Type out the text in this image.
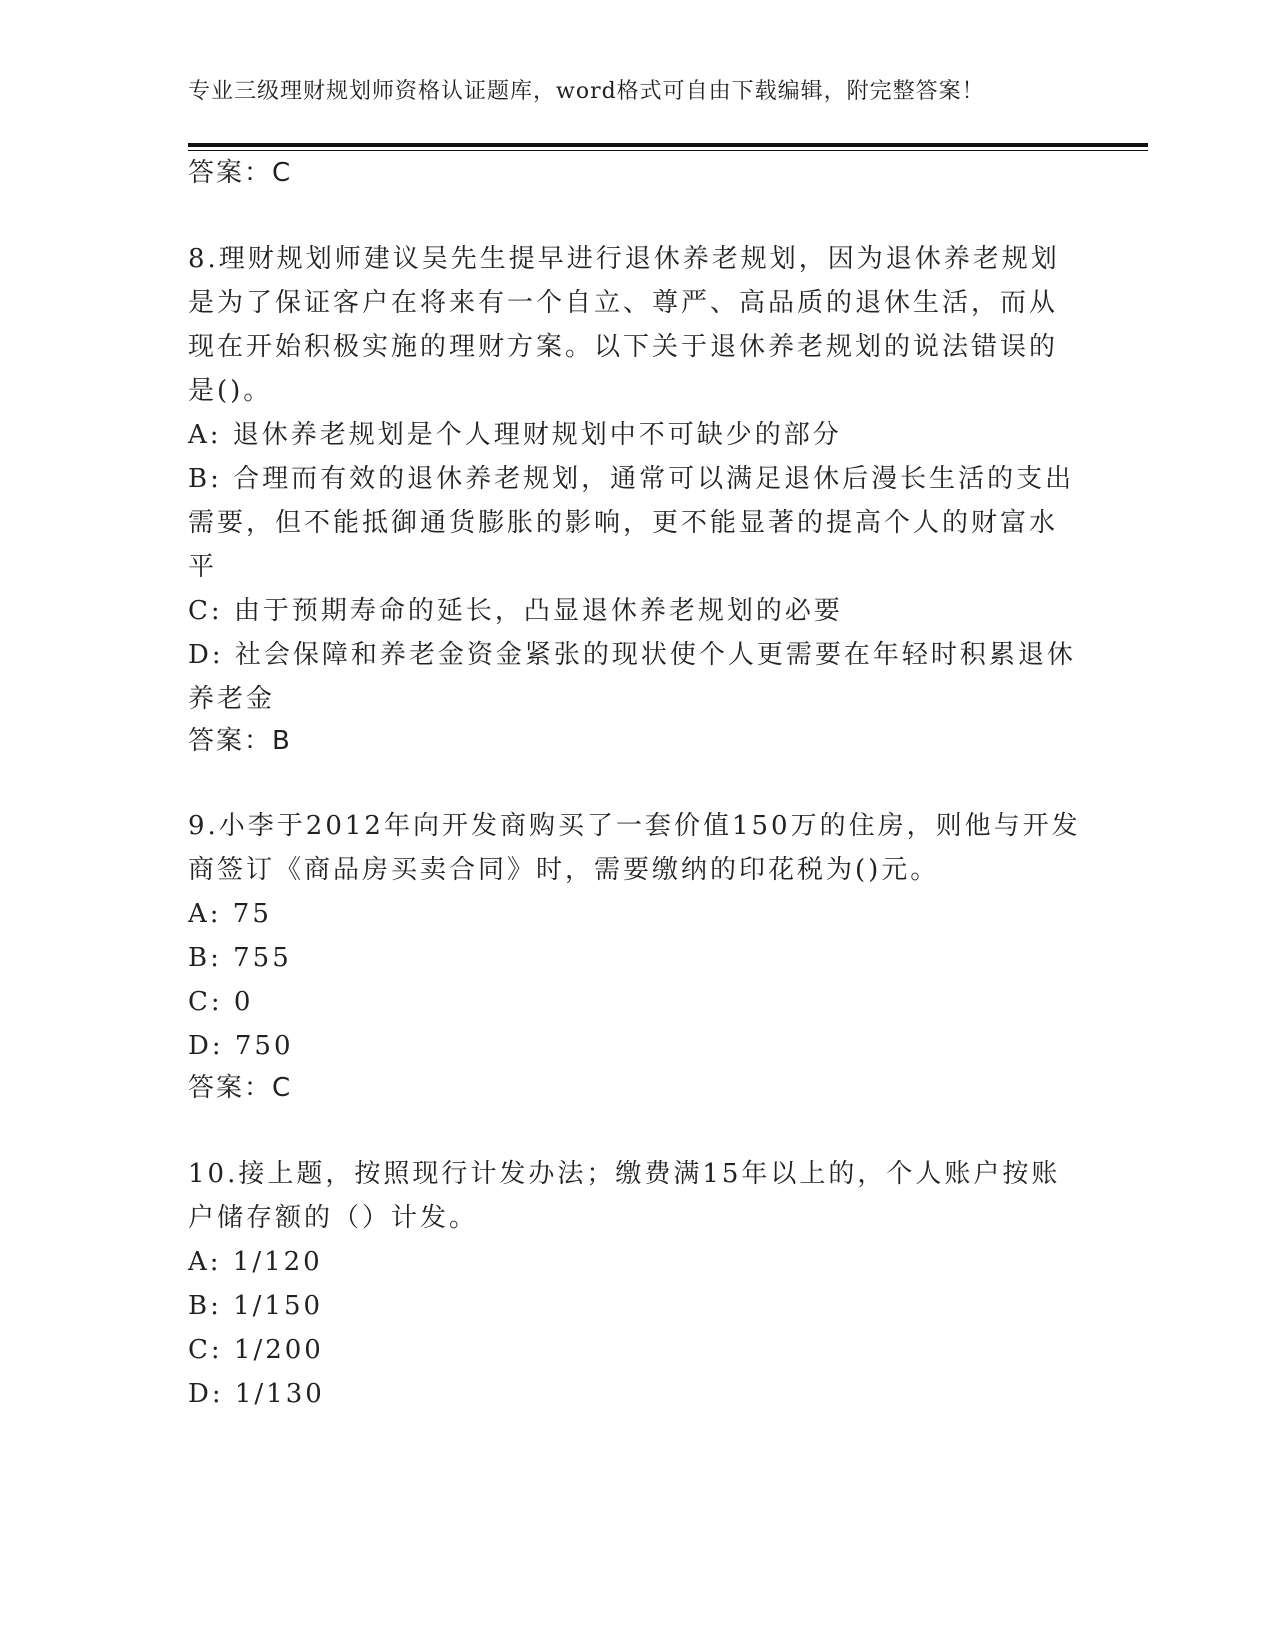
专业三级理财规划师资格认证题库，word格式可自由下载编辑，附完整答案！
答案：C
8.理财规划师建议吴先生提早进行退休养老规划，因为退休养老规划
是为了保证客户在将来有一个自立、尊严、高品质的退休生活，而从
现在开始积极实施的理财方案。以下关于退休养老规划的说法错误的
是()。
A: 退休养老规划是个人理财规划中不可缺少的部分
B: 合理而有效的退休养老规划，通常可以满足退休后漫长生活的支出
需要，但不能抵御通货膨胀的影响，更不能显著的提高个人的财富水
平
C: 由于预期寿命的延长，凸显退休养老规划的必要
D: 社会保障和养老金资金紧张的现状使个人更需要在年轻时积累退休
养老金
答案：B
9.小李于2012年向开发商购买了一套价值150万的住房，则他与开发
商签订《商品房买卖合同》时，需要缴纳的印花税为()元。
A: 75
B: 755
C: 0
D: 750
答案：C
10.接上题，按照现行计发办法；缴费满15年以上的，个人账户按账
户储存额的（）计发。
A: 1/120
B: 1/150
C: 1/200
D: 1/130
